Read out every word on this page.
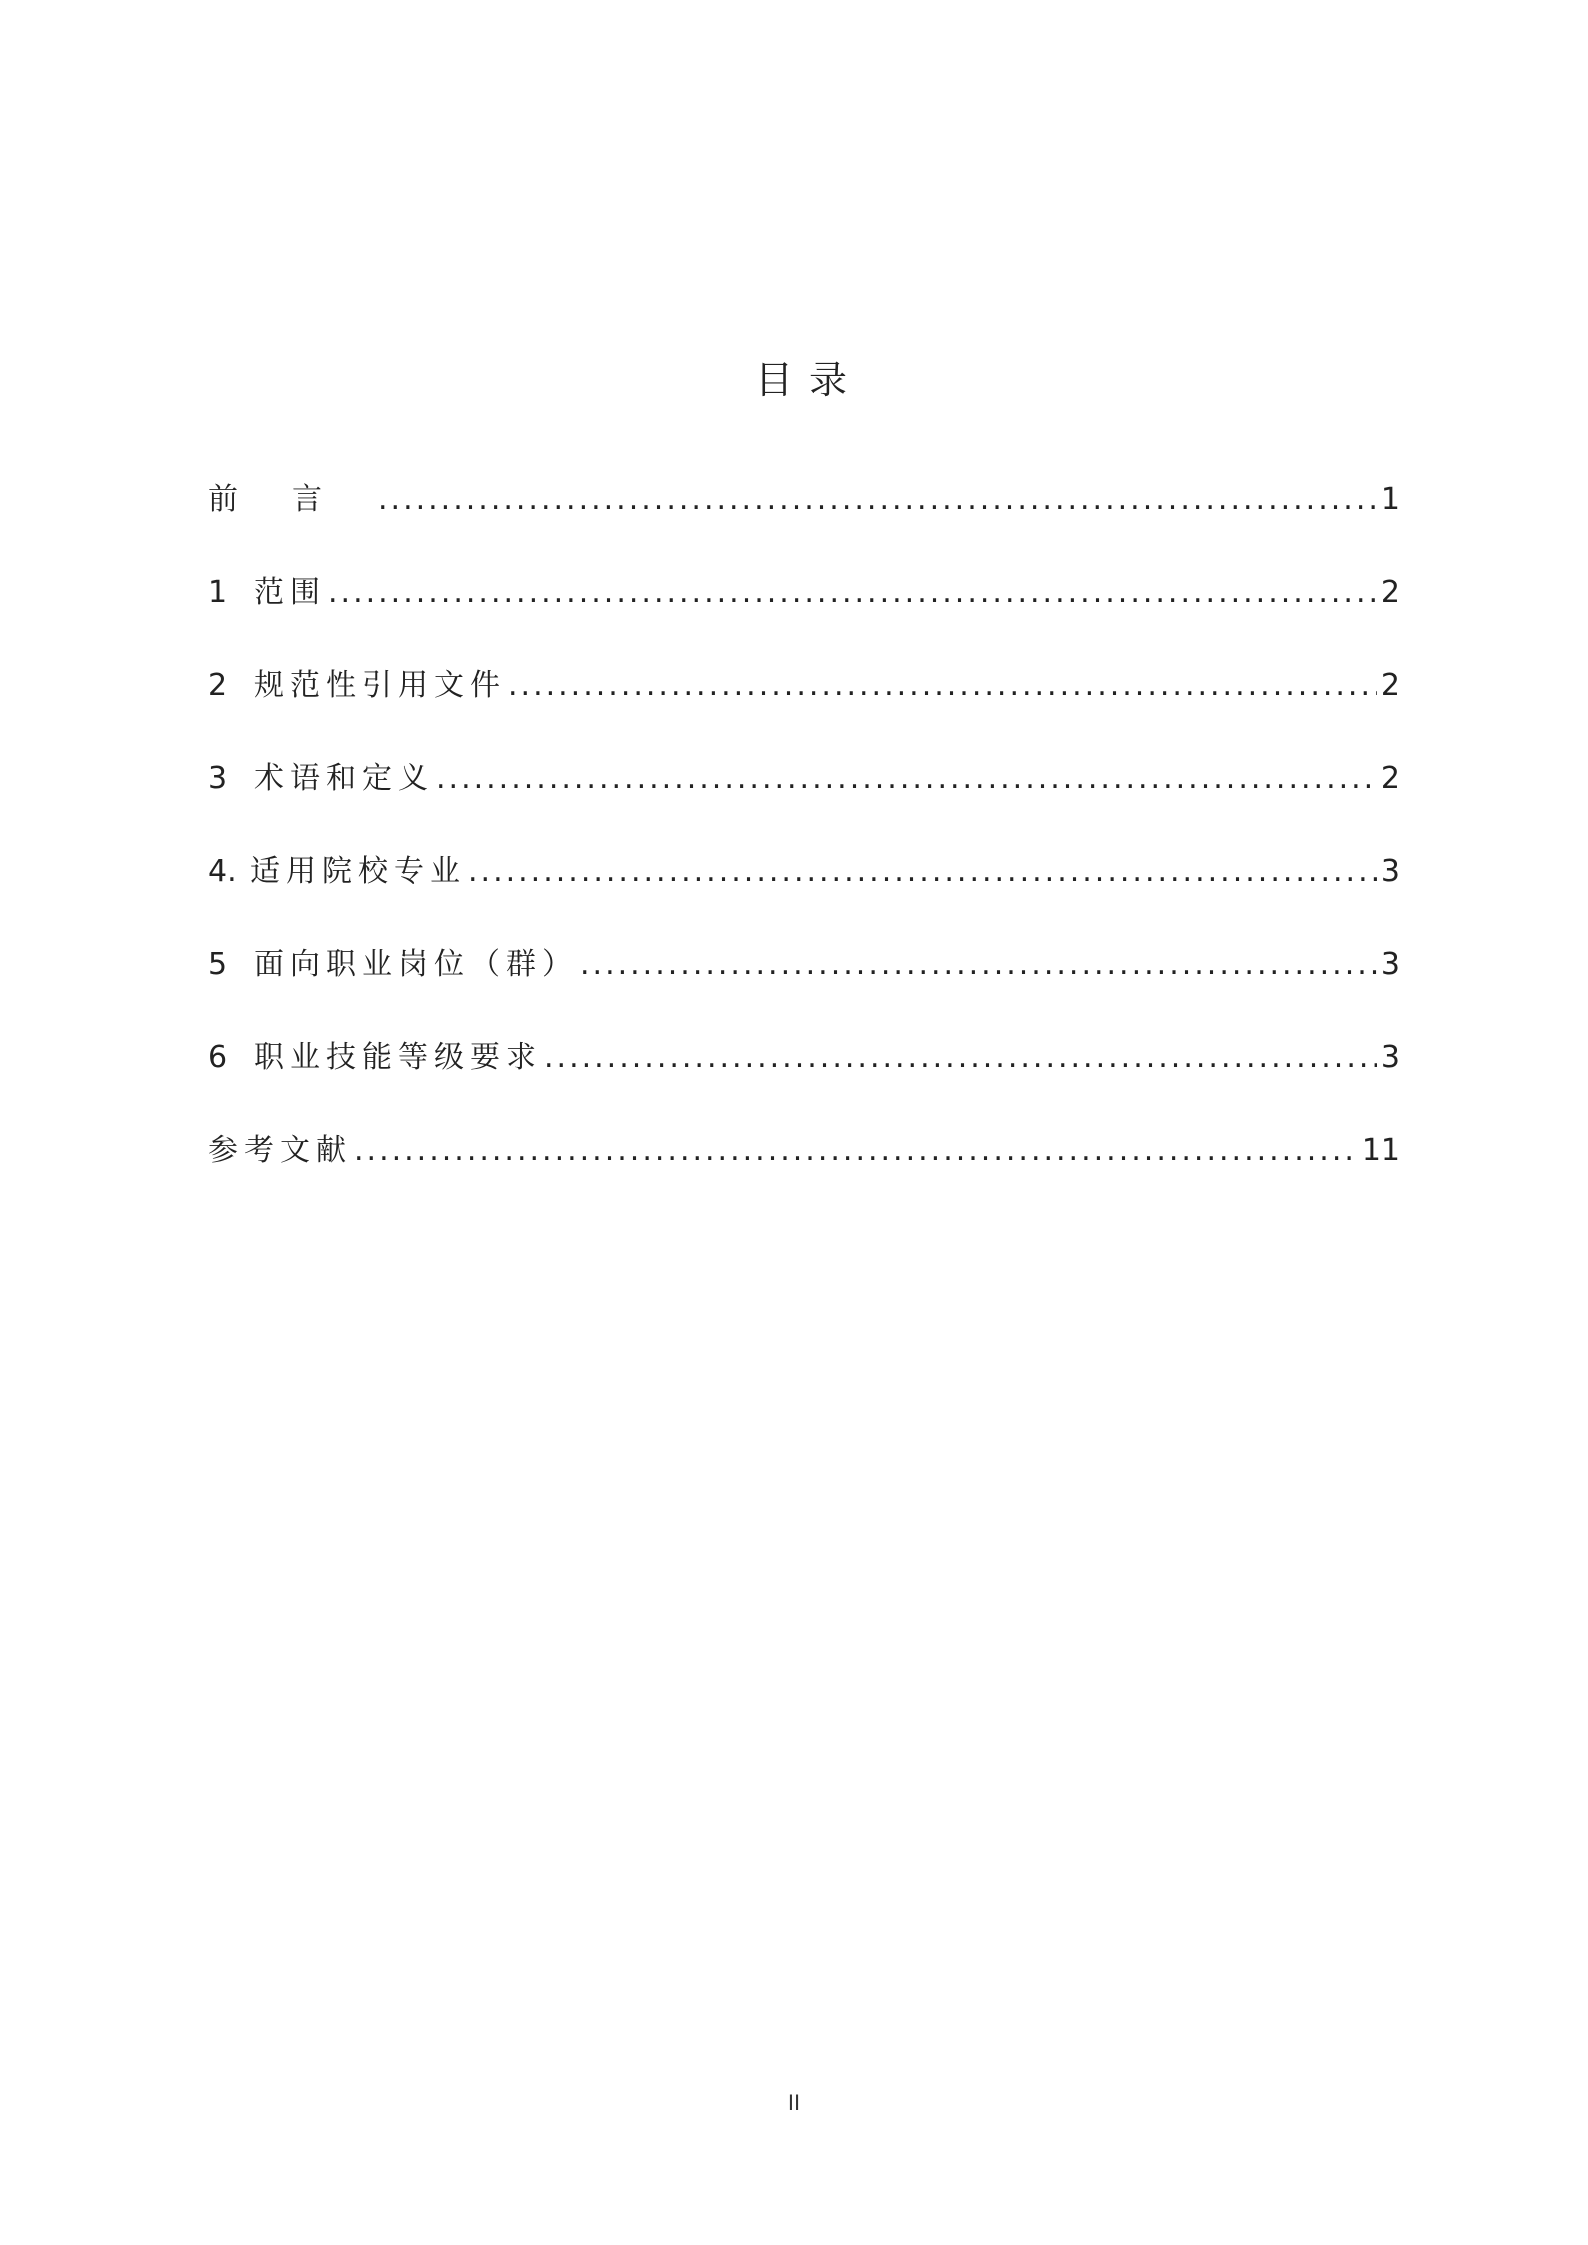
目 录
前言 .....	1
1 范围 .....	2
2 规范性引用文件 .....	2
3 术语和定义 .....	2
4. 适用院校专业 .....	3
5 面向职业岗位（群） .....	3
6 职业技能等级要求 .....	3
参考文献 .....	11
II
